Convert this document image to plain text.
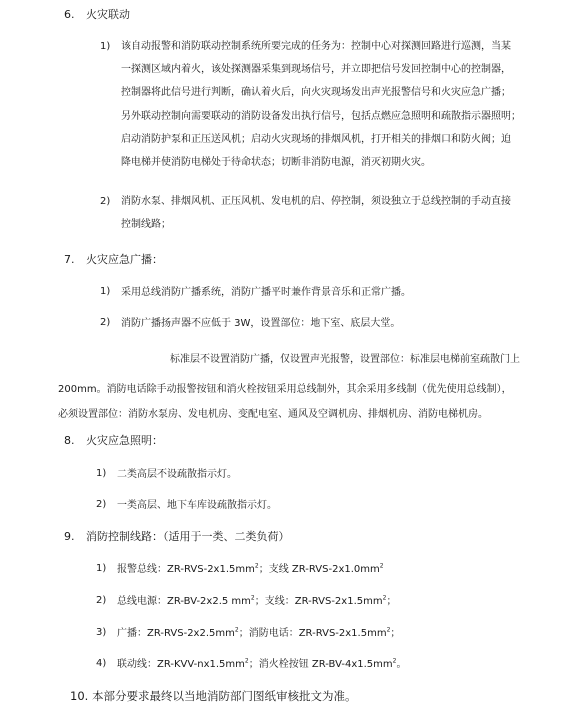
6. 火灾联动
1) 该自动报警和消防联动控制系统所要完成的任务为：控制中心对探测回路进行巡测，当某
一探测区域内着火，该处探测器采集到现场信号，并立即把信号发回控制中心的控制器，
控制器将此信号进行判断，确认着火后，向火灾现场发出声光报警信号和火灾应急广播；
另外联动控制向需要联动的消防设备发出执行信号，包括点燃应急照明和疏散指示器照明；
启动消防护泵和正压送风机；启动火灾现场的排烟风机，打开相关的排烟口和防火阀；迫
降电梯并使消防电梯处于待命状态；切断非消防电源，消灭初期火灾。
2) 消防水泵、排烟风机、正压风机、发电机的启、停控制，须设独立于总线控制的手动直接
控制线路；
7. 火灾应急广播：
1) 采用总线消防广播系统，消防广播平时兼作背景音乐和正常广播。
2) 消防广播扬声器不应低于 3W，设置部位：地下室、底层大堂。
标准层不设置消防广播，仅设置声光报警，设置部位：标准层电梯前室疏散门上
200mm。消防电话除手动报警按钮和消火栓按钮采用总线制外，其余采用多线制（优先使用总线制），
必须设置部位：消防水泵房、发电机房、变配电室、通风及空调机房、排烟机房、消防电梯机房。
8. 火灾应急照明：
1) 二类高层不设疏散指示灯。
2) 一类高层、地下车库设疏散指示灯。
9. 消防控制线路：（适用于一类、二类负荷）
1) 报警总线：$ZR-RVS-2x1.5mm^2$；支线 $ZR-RVS-2x1.0mm^2$
2) 总线电源：ZR-BV-2x2.5 $mm^2$；支线：$ZR-RVS-2x1.5mm^2$；
3) 广播：$ZR-RVS-2x2.5mm^2$；消防电话：$ZR-RVS-2x1.5mm^2$；
4) 联动线：$ZR-KVV-nx1.5mm^2$；消火栓按钮 $ZR-BV-4x1.5mm^2$。
10. 本部分要求最终以当地消防部门图纸审核批文为准。
